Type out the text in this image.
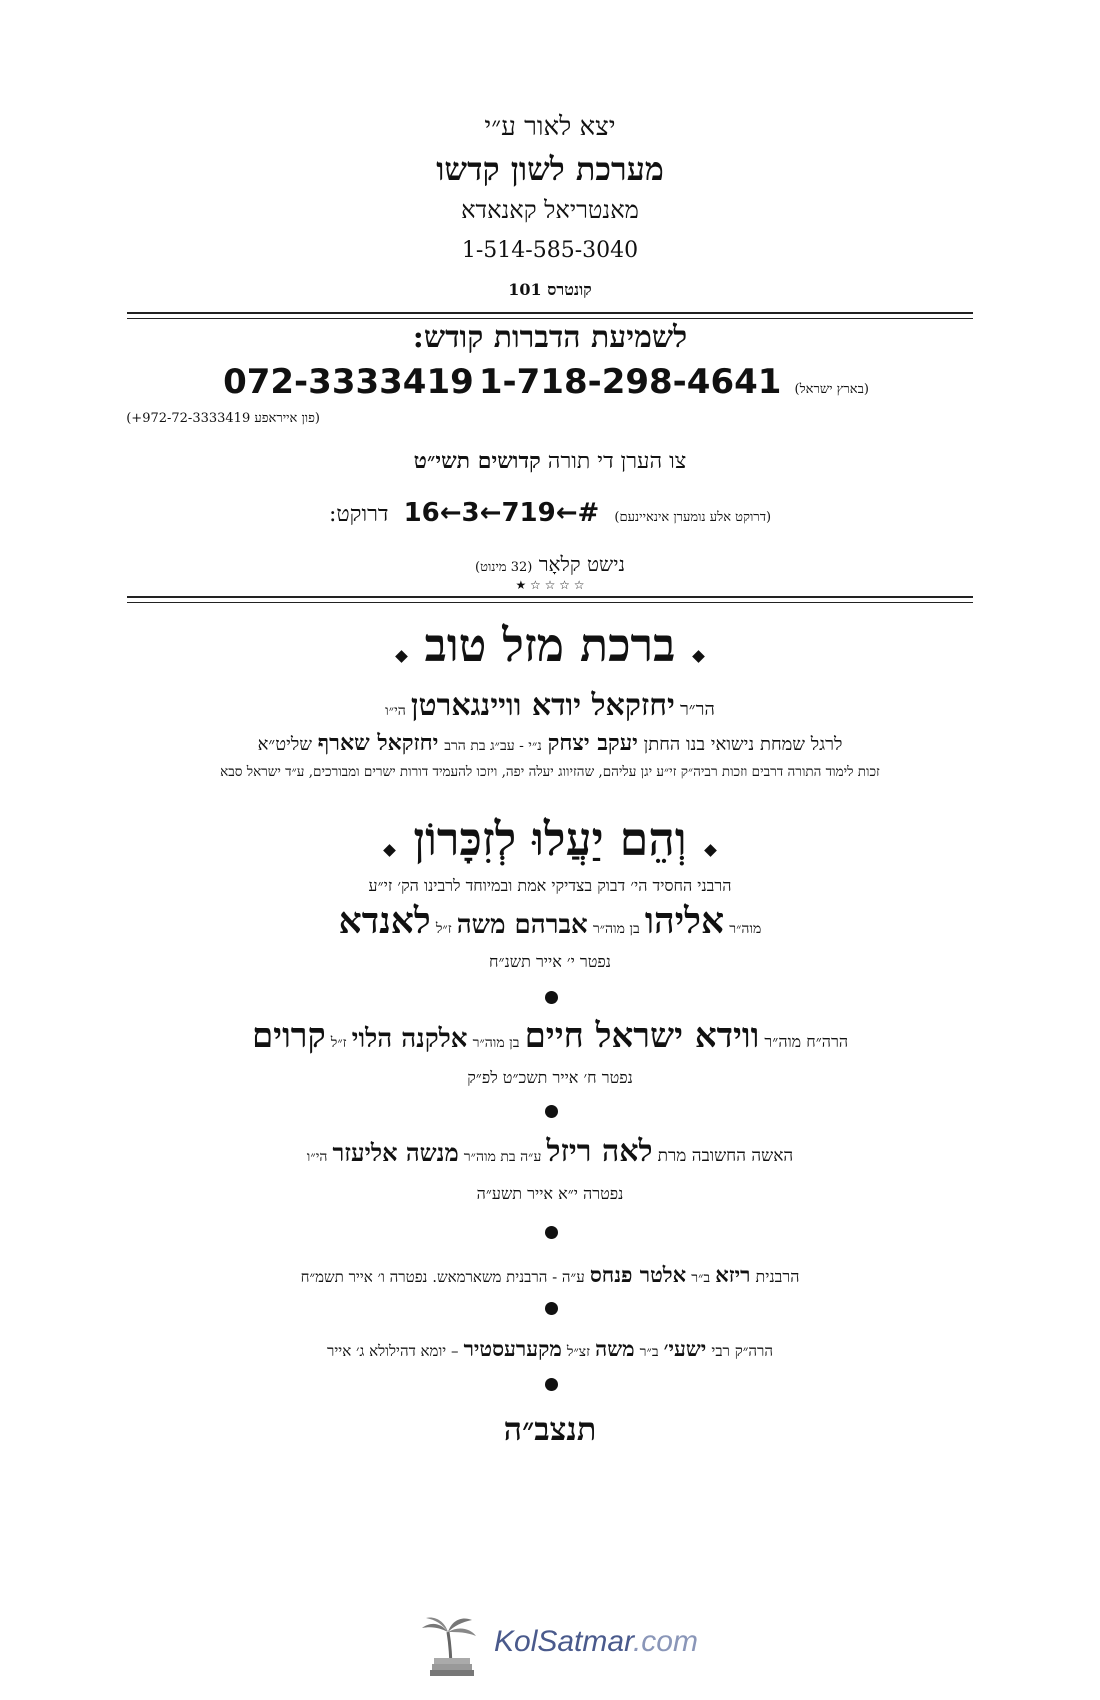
יצא לאור ע״י
מערכת לשון קדשו
מאנטריאל קאנאדא
1-514-585-3040
קונטרס 101
לשמיעת הדברות קודש:
072-3333419	(בארץ ישראל) 1-718-298-4641
(פון אייראפע 972-72-3333419+)
צו הערן די תורה קדושים תשי״ט
(דרוקט אלע נומערן אינאיינעם) #←719←3←16 דרוקט:
נישט קלאָר (32 מינוט)
★ ☆ ☆ ☆ ☆
ברכת מזל טוב
הר״ר יחזקאל יודא וויינגארטן הי״ו
לרגל שמחת נישואי בנו החתן יעקב יצחק נ״י - עב״ג בת הרב יחזקאל שארף שליט״א
זכות לימוד התורה דרבים וזכות רביה״ק זי״ע יגן עליהם, שהזיווג יעלה יפה, ויזכו להעמיד דורות ישרים ומבורכים, ע״ד ישראל סבא
וְהֵם יַעֲלוּ לְזִכָּרוֹן
הרבני החסיד הי׳ דבוק בצדיקי אמת ובמיוחד לרבינו הק׳ זי״ע
מוה״ר אליהו בן מוה״ר אברהם משה ז״ל לאנדא
נפטר י׳ אייר תשנ״ח
הרה״ח מוה״ר ווידא ישראל חיים בן מוה״ר אלקנה הלוי ז״ל קרוים
נפטר ח׳ אייר תשכ״ט לפ״ק
האשה החשובה מרת לאה ריזל ע״ה בת מוה״ר מנשה אליעזר הי״ו
נפטרה י״א אייר תשע״ה
הרבנית ריזא ב״ר אלטר פנחס ע״ה - הרבנית משארמאש. נפטרה ו׳ אייר תשמ״ח
הרה״ק רבי ישעי׳ ב״ר משה זצ״ל מקערעסטיר – יומא דהילולא ג׳ אייר
תנצב״ה
KolSatmar.com
